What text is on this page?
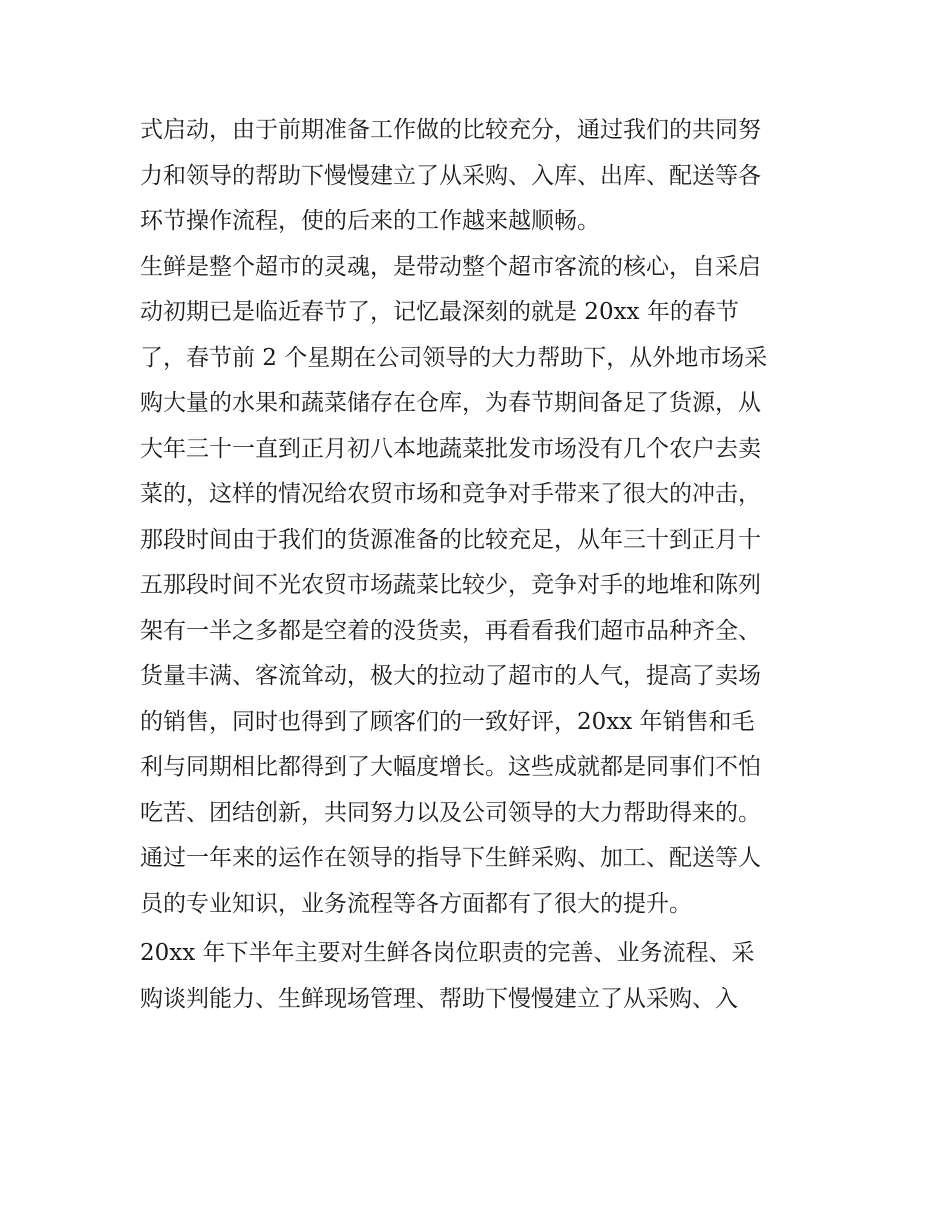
式启动，由于前期准备工作做的比较充分，通过我们的共同努
力和领导的帮助下慢慢建立了从采购、入库、出库、配送等各
环节操作流程，使的后来的工作越来越顺畅。
生鲜是整个超市的灵魂，是带动整个超市客流的核心，自采启
动初期已是临近春节了，记忆最深刻的就是 20xx 年的春节
了，春节前 2 个星期在公司领导的大力帮助下，从外地市场采
购大量的水果和蔬菜储存在仓库，为春节期间备足了货源，从
大年三十一直到正月初八本地蔬菜批发市场没有几个农户去卖
菜的，这样的情况给农贸市场和竞争对手带来了很大的冲击，
那段时间由于我们的货源准备的比较充足，从年三十到正月十
五那段时间不光农贸市场蔬菜比较少，竞争对手的地堆和陈列
架有一半之多都是空着的没货卖，再看看我们超市品种齐全、
货量丰满、客流耸动，极大的拉动了超市的人气，提高了卖场
的销售，同时也得到了顾客们的一致好评，20xx 年销售和毛
利与同期相比都得到了大幅度增长。这些成就都是同事们不怕
吃苦、团结创新，共同努力以及公司领导的大力帮助得来的。
通过一年来的运作在领导的指导下生鲜采购、加工、配送等人
员的专业知识，业务流程等各方面都有了很大的提升。
20xx 年下半年主要对生鲜各岗位职责的完善、业务流程、采
购谈判能力、生鲜现场管理、帮助下慢慢建立了从采购、入
